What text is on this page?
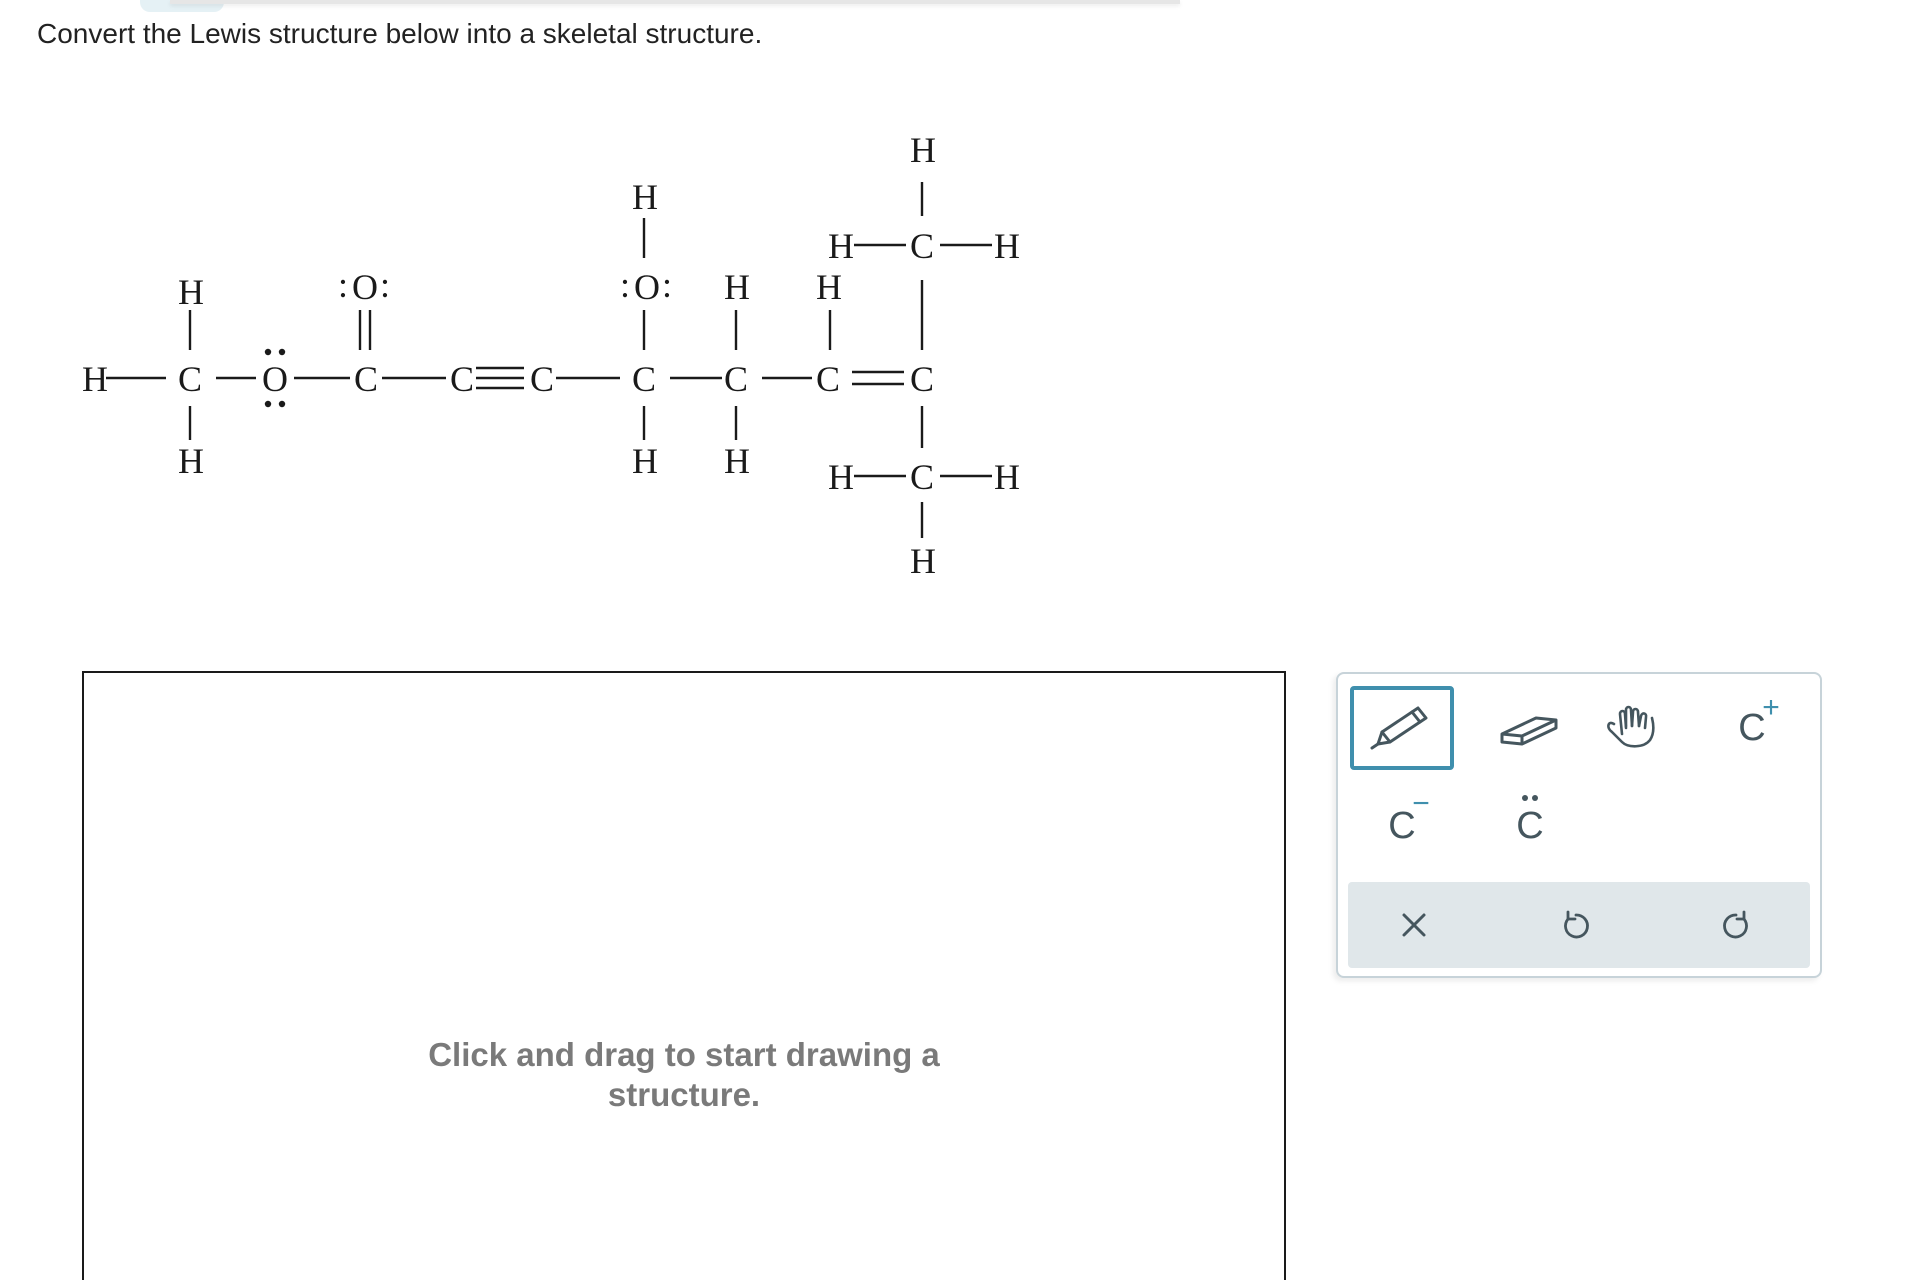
Convert the Lewis structure below into a skeletal structure.
H C
H
H
O C
O
: :
C C C
O
: :
H
H
C
H
H
C
H
C
C
H	H
H
C
H	H
H
Click and drag to start drawing a
structure.
C
+
C
−
C
